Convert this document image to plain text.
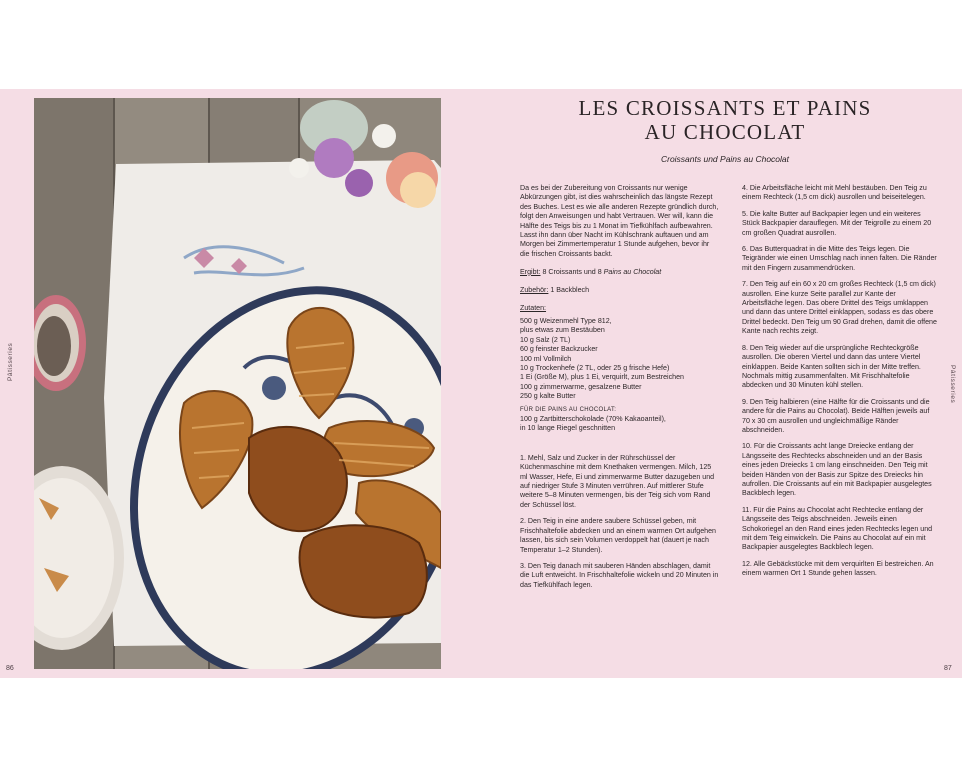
Pâtisseries
Pâtisseries
86	87
LES CROISSANTS ET PAINS
AU CHOCOLAT
Croissants und Pains au Chocolat

Da es bei der Zubereitung von Croissants nur wenige Abkürzungen gibt, ist dies wahrscheinlich das längste Rezept des Buches. Lest es wie alle anderen Rezepte gründlich durch, folgt den Anweisungen und habt Vertrauen. Wer will, kann die Hälfte des Teigs bis zu 1 Monat im Tiefkühlfach aufbewahren. Lasst ihn dann über Nacht im Kühlschrank auftauen und am Morgen bei Zimmertemperatur 1 Stunde aufgehen, bevor ihr die frischen Croissants backt.

Ergibt: 8 Croissants und 8 Pains au Chocolat

Zubehör: 1 Backblech

Zutaten:
500 g Weizenmehl Type 812,
plus etwas zum Bestäuben
10 g Salz (2 TL)
60 g feinster Backzucker
100 ml Vollmilch
10 g Trockenhefe (2 TL, oder 25 g frische Hefe)
1 Ei (Größe M), plus 1 Ei, verquirlt, zum Bestreichen
100 g zimmerwarme, gesalzene Butter
250 g kalte Butter
FÜR DIE PAINS AU CHOCOLAT:
100 g Zartbitterschokolade (70% Kakaoanteil),
in 10 lange Riegel geschnitten

1. Mehl, Salz und Zucker in der Rührschüssel der Küchenmaschine mit dem Knethaken vermengen. Milch, 125 ml Wasser, Hefe, Ei und zimmerwarme Butter dazugeben und auf niedriger Stufe 3 Minuten verrühren. Auf mittlerer Stufe weitere 5–8 Minuten vermengen, bis der Teig sich vom Rand der Schüssel löst.

2. Den Teig in eine andere saubere Schüssel geben, mit Frischhaltefolie abdecken und an einem warmen Ort aufgehen lassen, bis sich sein Volumen verdoppelt hat (dauert je nach Temperatur 1–2 Stunden).

3. Den Teig danach mit sauberen Händen abschlagen, damit die Luft entweicht. In Frischhaltefolie wickeln und 20 Minuten in das Tiefkühlfach legen.

4. Die Arbeitsfläche leicht mit Mehl bestäuben. Den Teig zu einem Rechteck (1,5 cm dick) ausrollen und beiseitelegen.

5. Die kalte Butter auf Backpapier legen und ein weiteres Stück Backpapier darauflegen. Mit der Teigrolle zu einem 20 cm großen Quadrat ausrollen.

6. Das Butterquadrat in die Mitte des Teigs legen. Die Teigränder wie einen Umschlag nach innen falten. Die Ränder mit den Fingern zusammendrücken.

7. Den Teig auf ein 60 x 20 cm großes Rechteck (1,5 cm dick) ausrollen. Eine kurze Seite parallel zur Kante der Arbeitsfläche legen. Das obere Drittel des Teigs umklappen und dann das untere Drittel einklappen, sodass es das obere Drittel bedeckt. Den Teig um 90 Grad drehen, damit die offene Kante nach rechts zeigt.

8. Den Teig wieder auf die ursprüngliche Rechteckgröße ausrollen. Die oberen Viertel und dann das untere Viertel einklappen. Beide Kanten sollten sich in der Mitte treffen. Nochmals mittig zusammenfalten. Mit Frischhaltefolie abdecken und 30 Minuten kühl stellen.

9. Den Teig halbieren (eine Hälfte für die Croissants und die andere für die Pains au Chocolat). Beide Hälften jeweils auf 70 x 30 cm ausrollen und ungleichmäßige Ränder abschneiden.

10. Für die Croissants acht lange Dreiecke entlang der Längsseite des Rechtecks abschneiden und an der Basis eines jeden Dreiecks 1 cm lang einschneiden. Den Teig mit beiden Händen von der Basis zur Spitze des Dreiecks hin aufrollen. Die Croissants auf ein mit Backpapier ausgelegtes Backblech legen.

11. Für die Pains au Chocolat acht Rechtecke entlang der Längsseite des Teigs abschneiden. Jeweils einen Schokoriegel an den Rand eines jeden Rechtecks legen und mit dem Teig einwickeln. Die Pains au Chocolat auf ein mit Backpapier ausgelegtes Backblech legen.

12. Alle Gebäckstücke mit dem verquirlten Ei bestreichen. An einem warmen Ort 1 Stunde gehen lassen.
